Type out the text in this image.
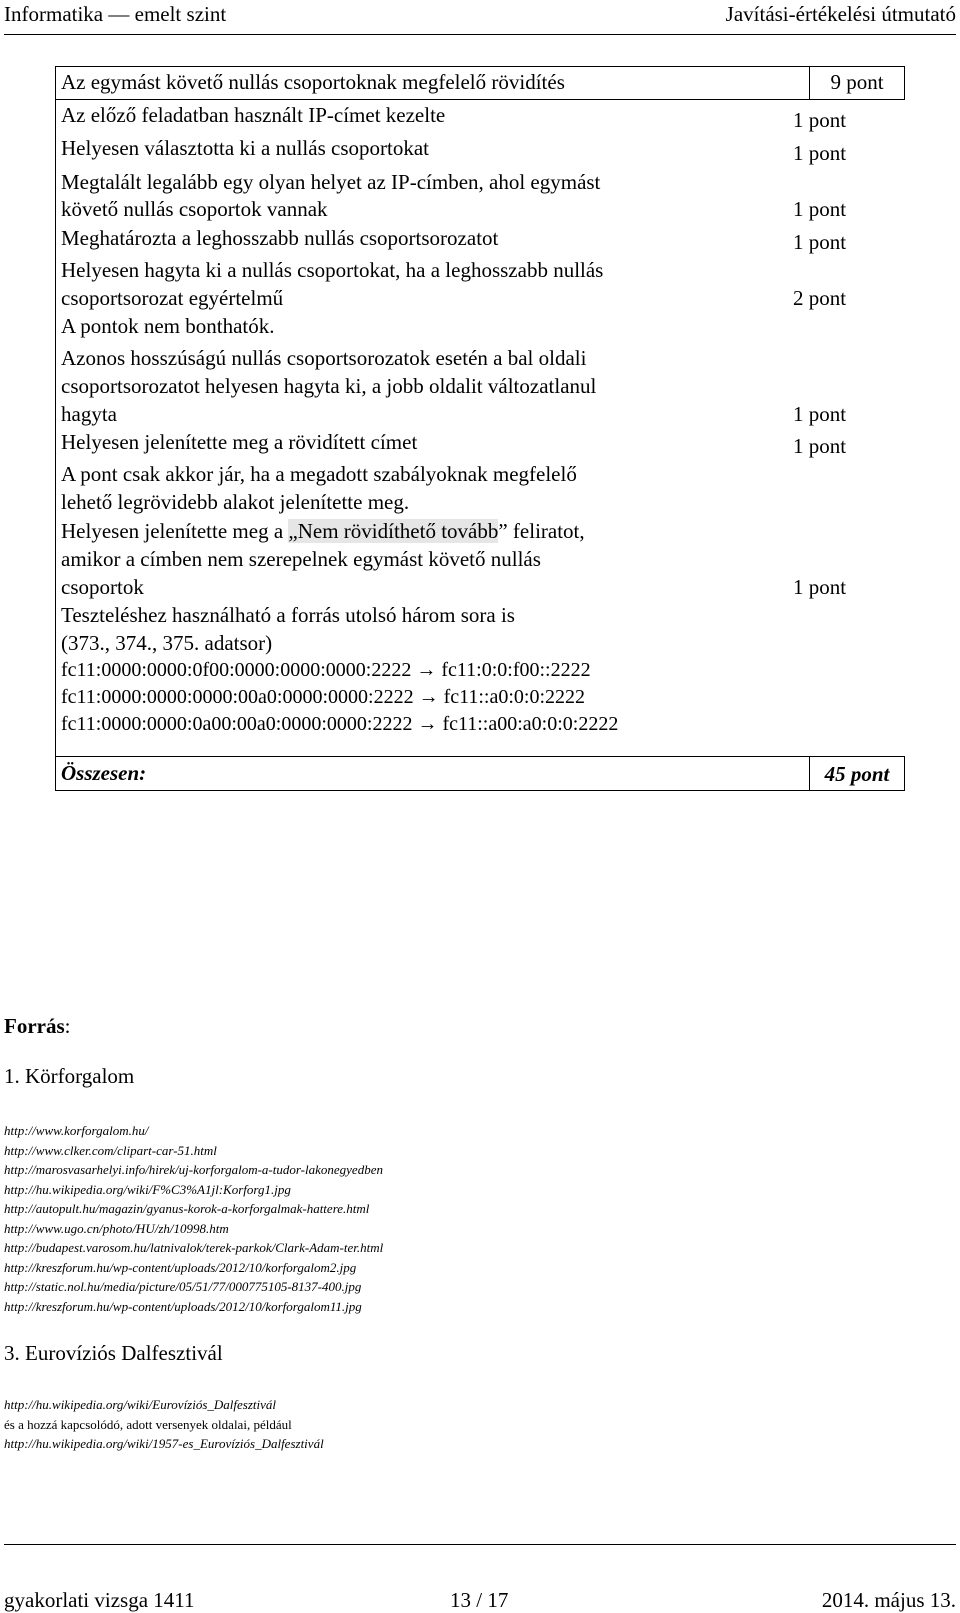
Informatika — emelt szint	Javítási-értékelési útmutató
Az egymást követő nullás csoportoknak megfelelő rövidítés	9 pont
Az előző feladatban használt IP-címet kezelte	1 pont
Helyesen választotta ki a nullás csoportokat	1 pont
Megtalált legalább egy olyan helyet az IP-címben, ahol egymást
követő nullás csoportok vannak	1 pont
Meghatározta a leghosszabb nullás csoportsorozatot	1 pont
Helyesen hagyta ki a nullás csoportokat, ha a leghosszabb nullás
csoportsorozat egyértelmű	2 pont
A pontok nem bonthatók.
Azonos hosszúságú nullás csoportsorozatok esetén a bal oldali
csoportsorozatot helyesen hagyta ki, a jobb oldalit változatlanul
hagyta	1 pont
Helyesen jelenítette meg a rövidített címet	1 pont
A pont csak akkor jár, ha a megadott szabályoknak megfelelő
lehető legrövidebb alakot jelenítette meg.
Helyesen jelenítette meg a „Nem rövidíthető tovább” feliratot,
amikor a címben nem szerepelnek egymást követő nullás
csoportok	1 pont
Teszteléshez használható a forrás utolsó három sora is
(373., 374., 375. adatsor)
fc11:0000:0000:0f00:0000:0000:0000:2222 → fc11:0:0:f00::2222
fc11:0000:0000:0000:00a0:0000:0000:2222 → fc11::a0:0:0:2222
fc11:0000:0000:0a00:00a0:0000:0000:2222 → fc11::a00:a0:0:0:2222
Összesen:	45 pont
Forrás:
1. Körforgalom
http://www.korforgalom.hu/
http://www.clker.com/clipart-car-51.html
http://marosvasarhelyi.info/hirek/uj-korforgalom-a-tudor-lakonegyedben
http://hu.wikipedia.org/wiki/F%C3%A1jl:Korforg1.jpg
http://autopult.hu/magazin/gyanus-korok-a-korforgalmak-hattere.html
http://www.ugo.cn/photo/HU/zh/10998.htm
http://budapest.varosom.hu/latnivalok/terek-parkok/Clark-Adam-ter.html
http://kreszforum.hu/wp-content/uploads/2012/10/korforgalom2.jpg
http://static.nol.hu/media/picture/05/51/77/000775105-8137-400.jpg
http://kreszforum.hu/wp-content/uploads/2012/10/korforgalom11.jpg
3. Eurovíziós Dalfesztivál
http://hu.wikipedia.org/wiki/Eurovíziós_Dalfesztivál
és a hozzá kapcsolódó, adott versenyek oldalai, például
http://hu.wikipedia.org/wiki/1957-es_Eurovíziós_Dalfesztivál
gyakorlati vizsga 1411	13 / 17	2014. május 13.
